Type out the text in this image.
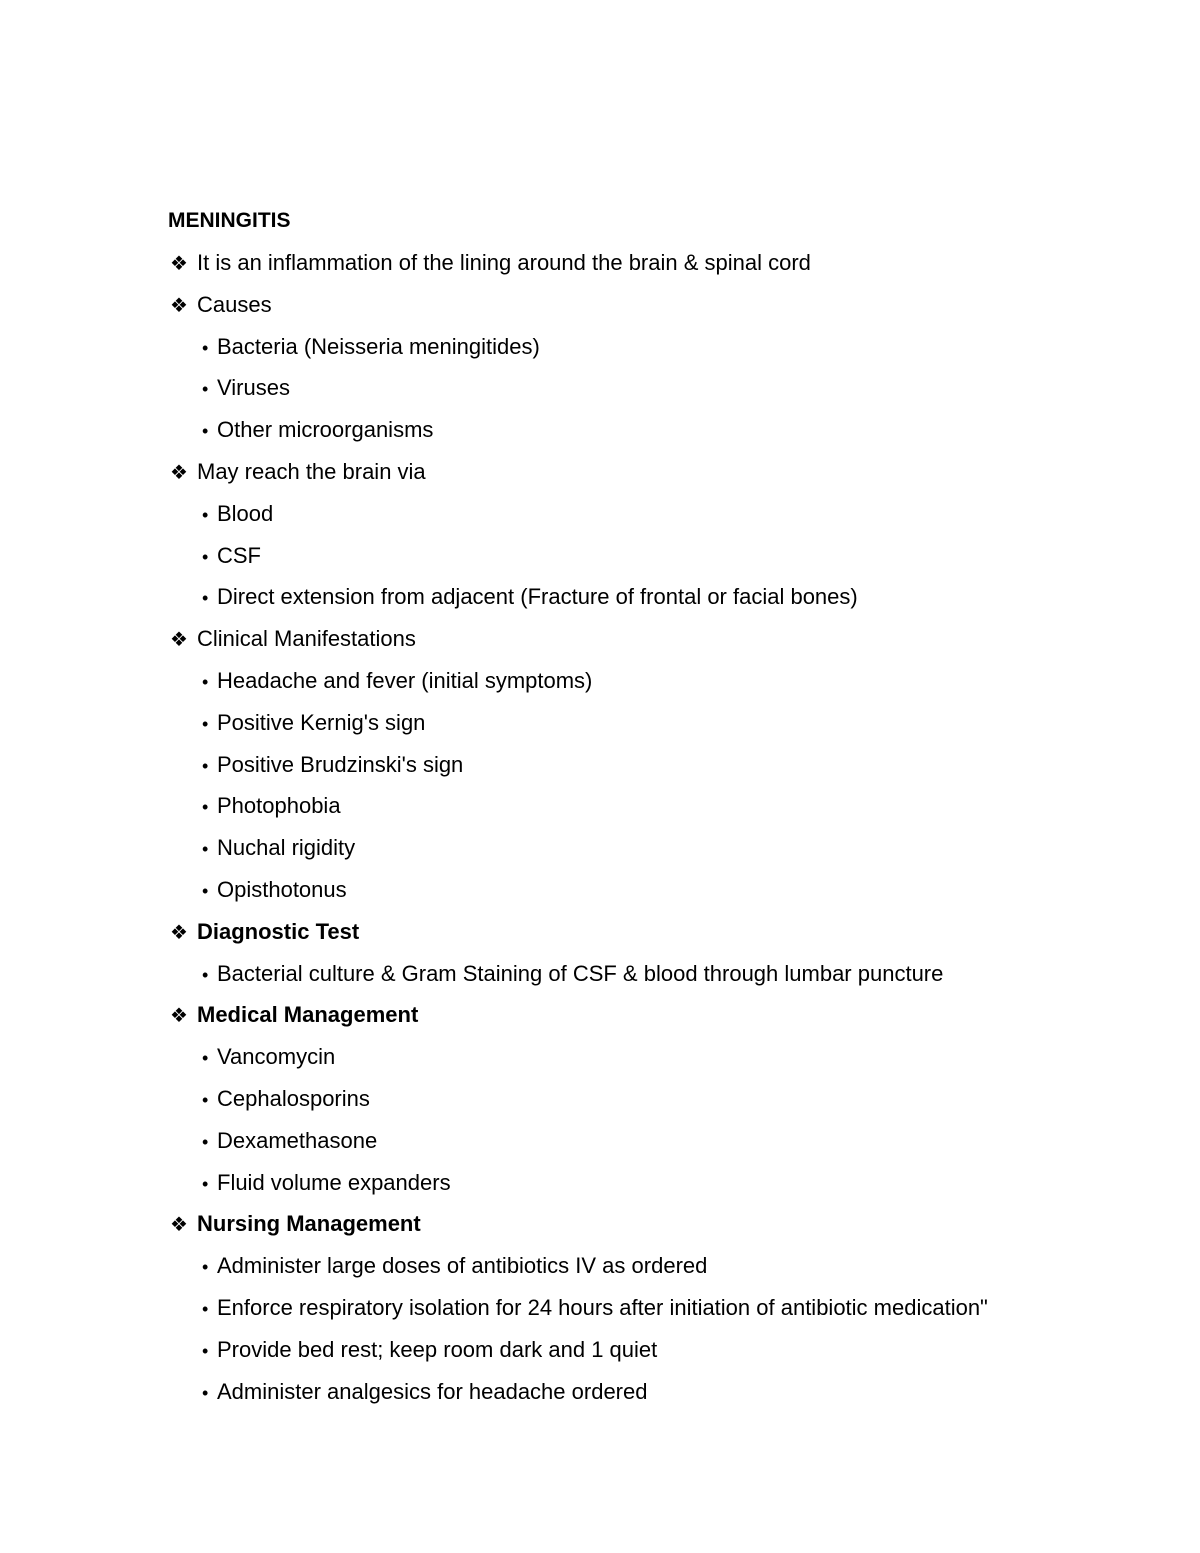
MENINGITIS
❖ It is an inflammation of the lining around the brain & spinal cord
❖ Causes
• Bacteria (Neisseria meningitides)
• Viruses
• Other microorganisms
❖ May reach the brain via
• Blood
• CSF
• Direct extension from adjacent (Fracture of frontal or facial bones)
❖ Clinical Manifestations
• Headache and fever (initial symptoms)
• Positive Kernig's sign
• Positive Brudzinski's sign
• Photophobia
• Nuchal rigidity
• Opisthotonus
❖ Diagnostic Test
• Bacterial culture & Gram Staining of CSF & blood through lumbar puncture
❖ Medical Management
• Vancomycin
• Cephalosporins
• Dexamethasone
• Fluid volume expanders
❖ Nursing Management
• Administer large doses of antibiotics IV as ordered
• Enforce respiratory isolation for 24 hours after initiation of antibiotic medication"
• Provide bed rest; keep room dark and 1 quiet
• Administer analgesics for headache ordered
